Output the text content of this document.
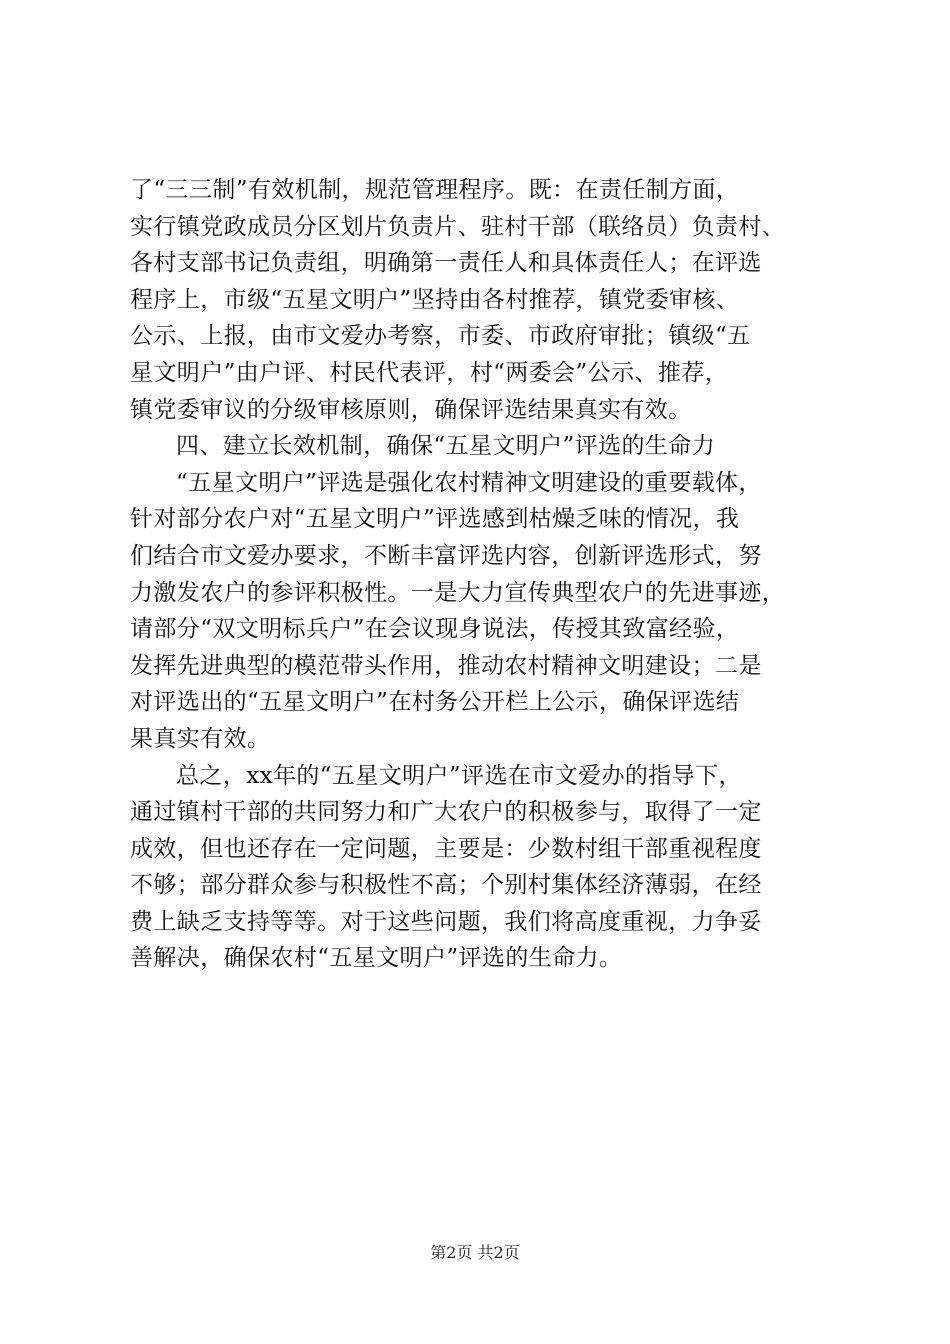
了“三三制”有效机制，规范管理程序。既：在责任制方面，
实行镇党政成员分区划片负责片、驻村干部（联络员）负责村、
各村支部书记负责组，明确第一责任人和具体责任人；在评选
程序上，市级“五星文明户”坚持由各村推荐，镇党委审核、
公示、上报，由市文爱办考察，市委、市政府审批；镇级“五
星文明户”由户评、村民代表评，村“两委会”公示、推荐，
镇党委审议的分级审核原则，确保评选结果真实有效。
四、建立长效机制，确保“五星文明户”评选的生命力
“五星文明户”评选是强化农村精神文明建设的重要载体，
针对部分农户对“五星文明户”评选感到枯燥乏味的情况，我
们结合市文爱办要求，不断丰富评选内容，创新评选形式，努
力激发农户的参评积极性。一是大力宣传典型农户的先进事迹，
请部分“双文明标兵户”在会议现身说法，传授其致富经验，
发挥先进典型的模范带头作用，推动农村精神文明建设；二是
对评选出的“五星文明户”在村务公开栏上公示，确保评选结
果真实有效。
总之，xx年的“五星文明户”评选在市文爱办的指导下，
通过镇村干部的共同努力和广大农户的积极参与，取得了一定
成效，但也还存在一定问题，主要是：少数村组干部重视程度
不够；部分群众参与积极性不高；个别村集体经济薄弱，在经
费上缺乏支持等等。对于这些问题，我们将高度重视，力争妥
善解决，确保农村“五星文明户”评选的生命力。
第2页 共2页
